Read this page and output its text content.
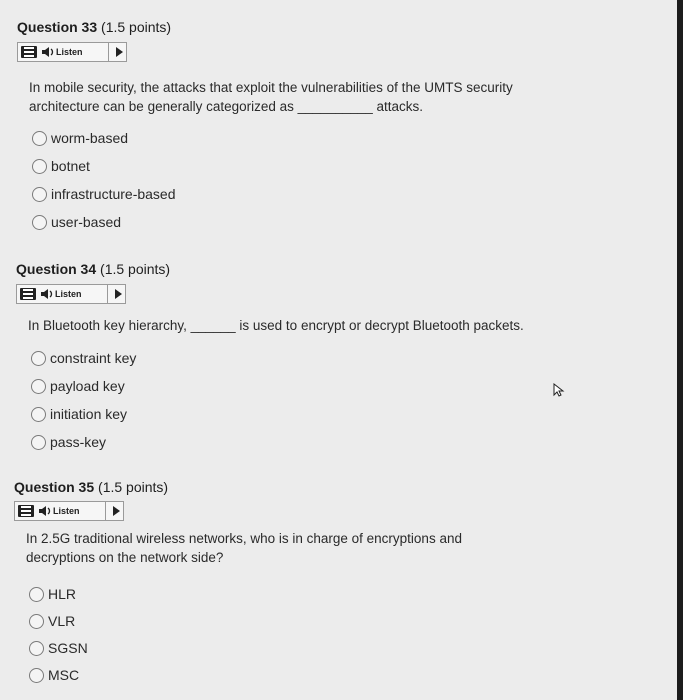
Question 33 (1.5 points)
Listen
In mobile security, the attacks that exploit the vulnerabilities of the UMTS security
architecture can be generally categorized as __________ attacks.
worm-based
botnet
infrastructure-based
user-based
Question 34 (1.5 points)
Listen
In Bluetooth key hierarchy, ______ is used to encrypt or decrypt Bluetooth packets.
constraint key
payload key
initiation key
pass-key
Question 35 (1.5 points)
Listen
In 2.5G traditional wireless networks, who is in charge of encryptions and
decryptions on the network side?
HLR
VLR
SGSN
MSC
